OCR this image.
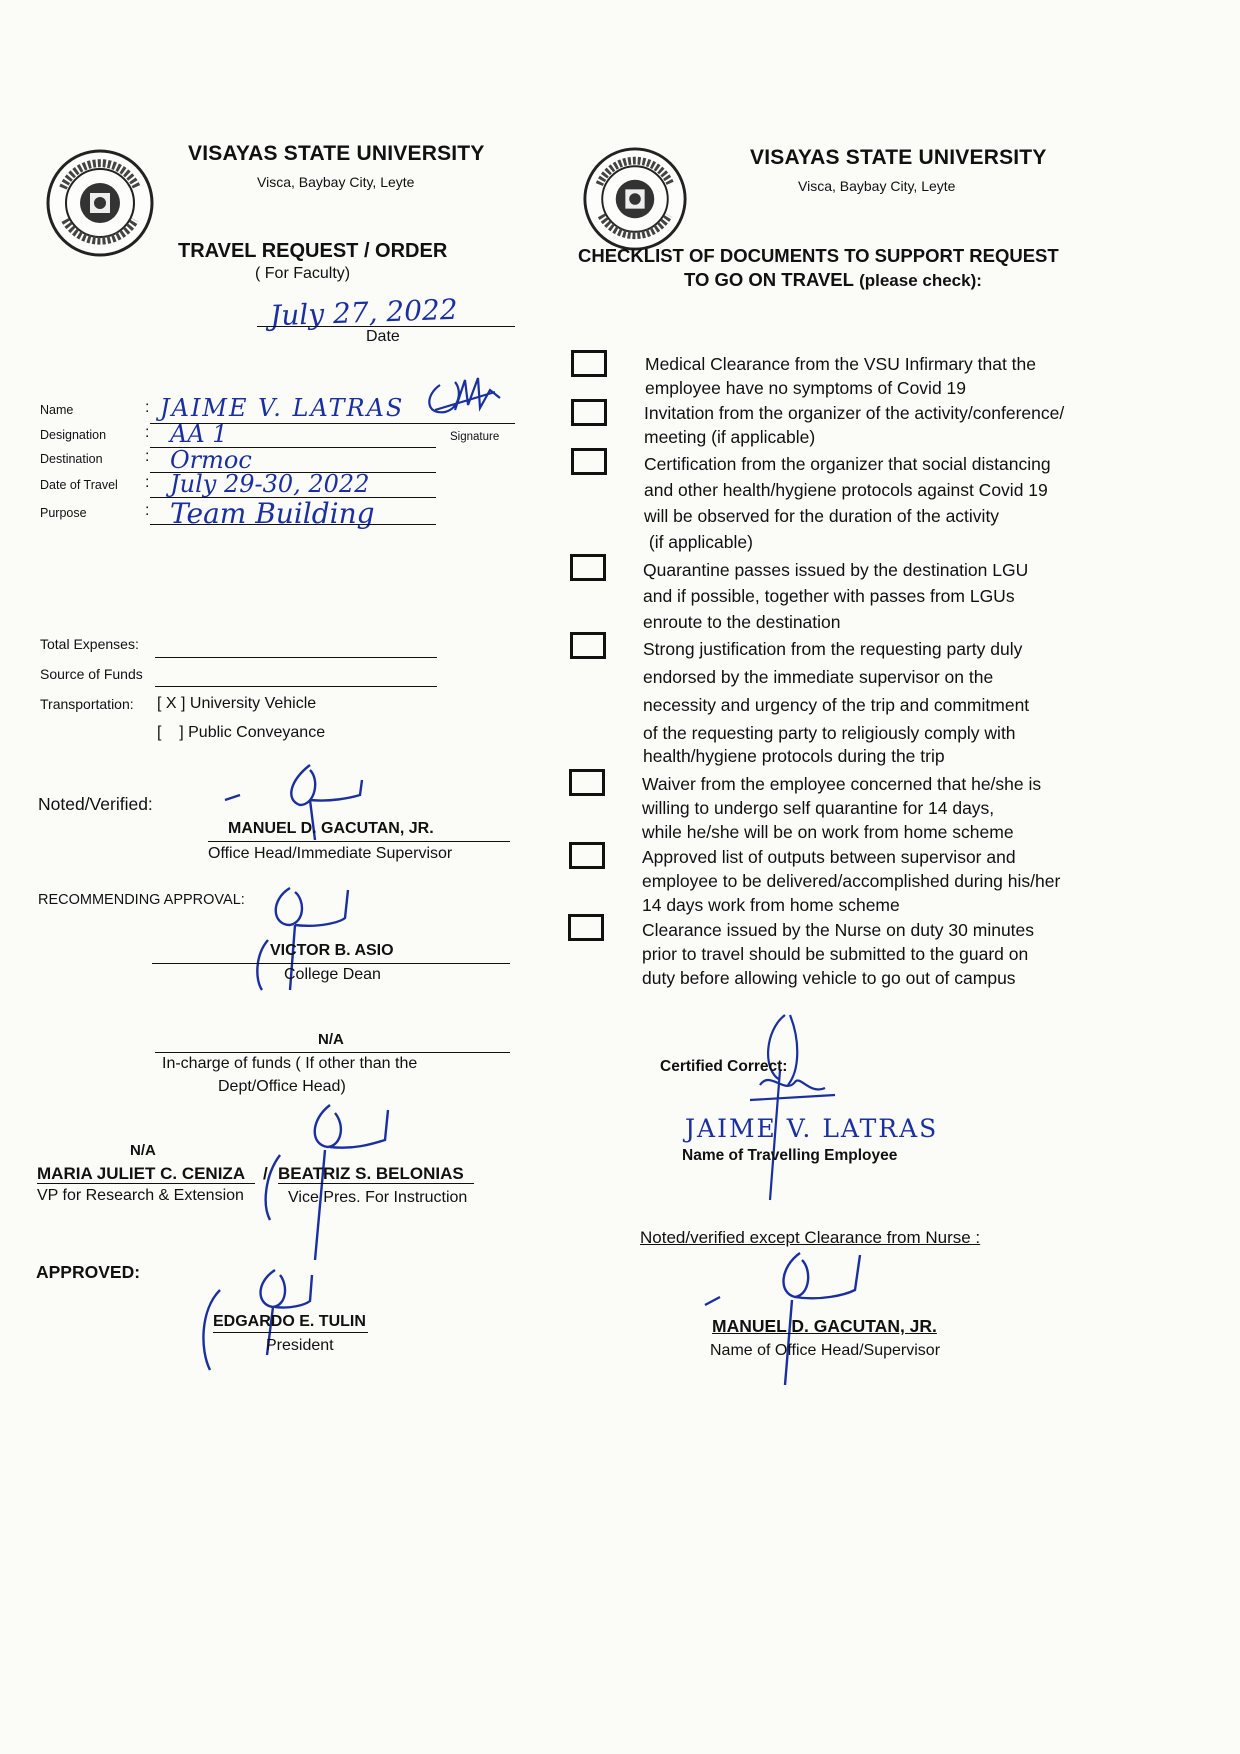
VISAYAS STATE UNIVERSITY
Visca, Baybay City, Leyte
TRAVEL REQUEST / ORDER
( For Faculty)
July 27, 2022
Date
Name	: JAIME V. LATRAS
Signature
Designation : AA 1
Destination	: Ormoc
Date of Travel : July 29-30, 2022
Purpose	: Team Building
Total Expenses:
Source of Funds
Transportation: [ X ] University Vehicle
[    ] Public Conveyance
Noted/Verified:
MANUEL D. GACUTAN, JR.
Office Head/Immediate Supervisor
RECOMMENDING APPROVAL:
VICTOR B. ASIO
College Dean
N/A
In-charge of funds ( If other than the
Dept/Office Head)
N/A
MARIA JULIET C. CENIZA / BEATRIZ S. BELONIAS
VP for Research & Extension	Vice Pres. For Instruction
APPROVED:
EDGARDO E. TULIN
President
VISAYAS STATE UNIVERSITY
Visca, Baybay City, Leyte
CHECKLIST OF DOCUMENTS TO SUPPORT REQUEST
TO GO ON TRAVEL (please check):
Medical Clearance from the VSU Infirmary that the
employee have no symptoms of Covid 19
Invitation from the organizer of the activity/conference/
meeting (if applicable)
Certification from the organizer that social distancing
and other health/hygiene protocols against Covid 19
will be observed for the duration of the activity
(if applicable)
Quarantine passes issued by the destination LGU
and if possible, together with passes from LGUs
enroute to the destination
Strong justification from the requesting party duly
endorsed by the immediate supervisor on the
necessity and urgency of the trip and commitment
of the requesting party to religiously comply with
health/hygiene protocols during the trip
Waiver from the employee concerned that he/she is
willing to undergo self quarantine for 14 days,
while he/she will be on work from home scheme
Approved list of outputs between supervisor and
employee to be delivered/accomplished during his/her
14 days work from home scheme
Clearance issued by the Nurse on duty 30 minutes
prior to travel should be submitted to the guard on
duty before allowing vehicle to go out of campus
Certified Correct:
JAIME V. LATRAS
Name of Travelling Employee
Noted/verified except Clearance from Nurse :
MANUEL D. GACUTAN, JR.
Name of Office Head/Supervisor
